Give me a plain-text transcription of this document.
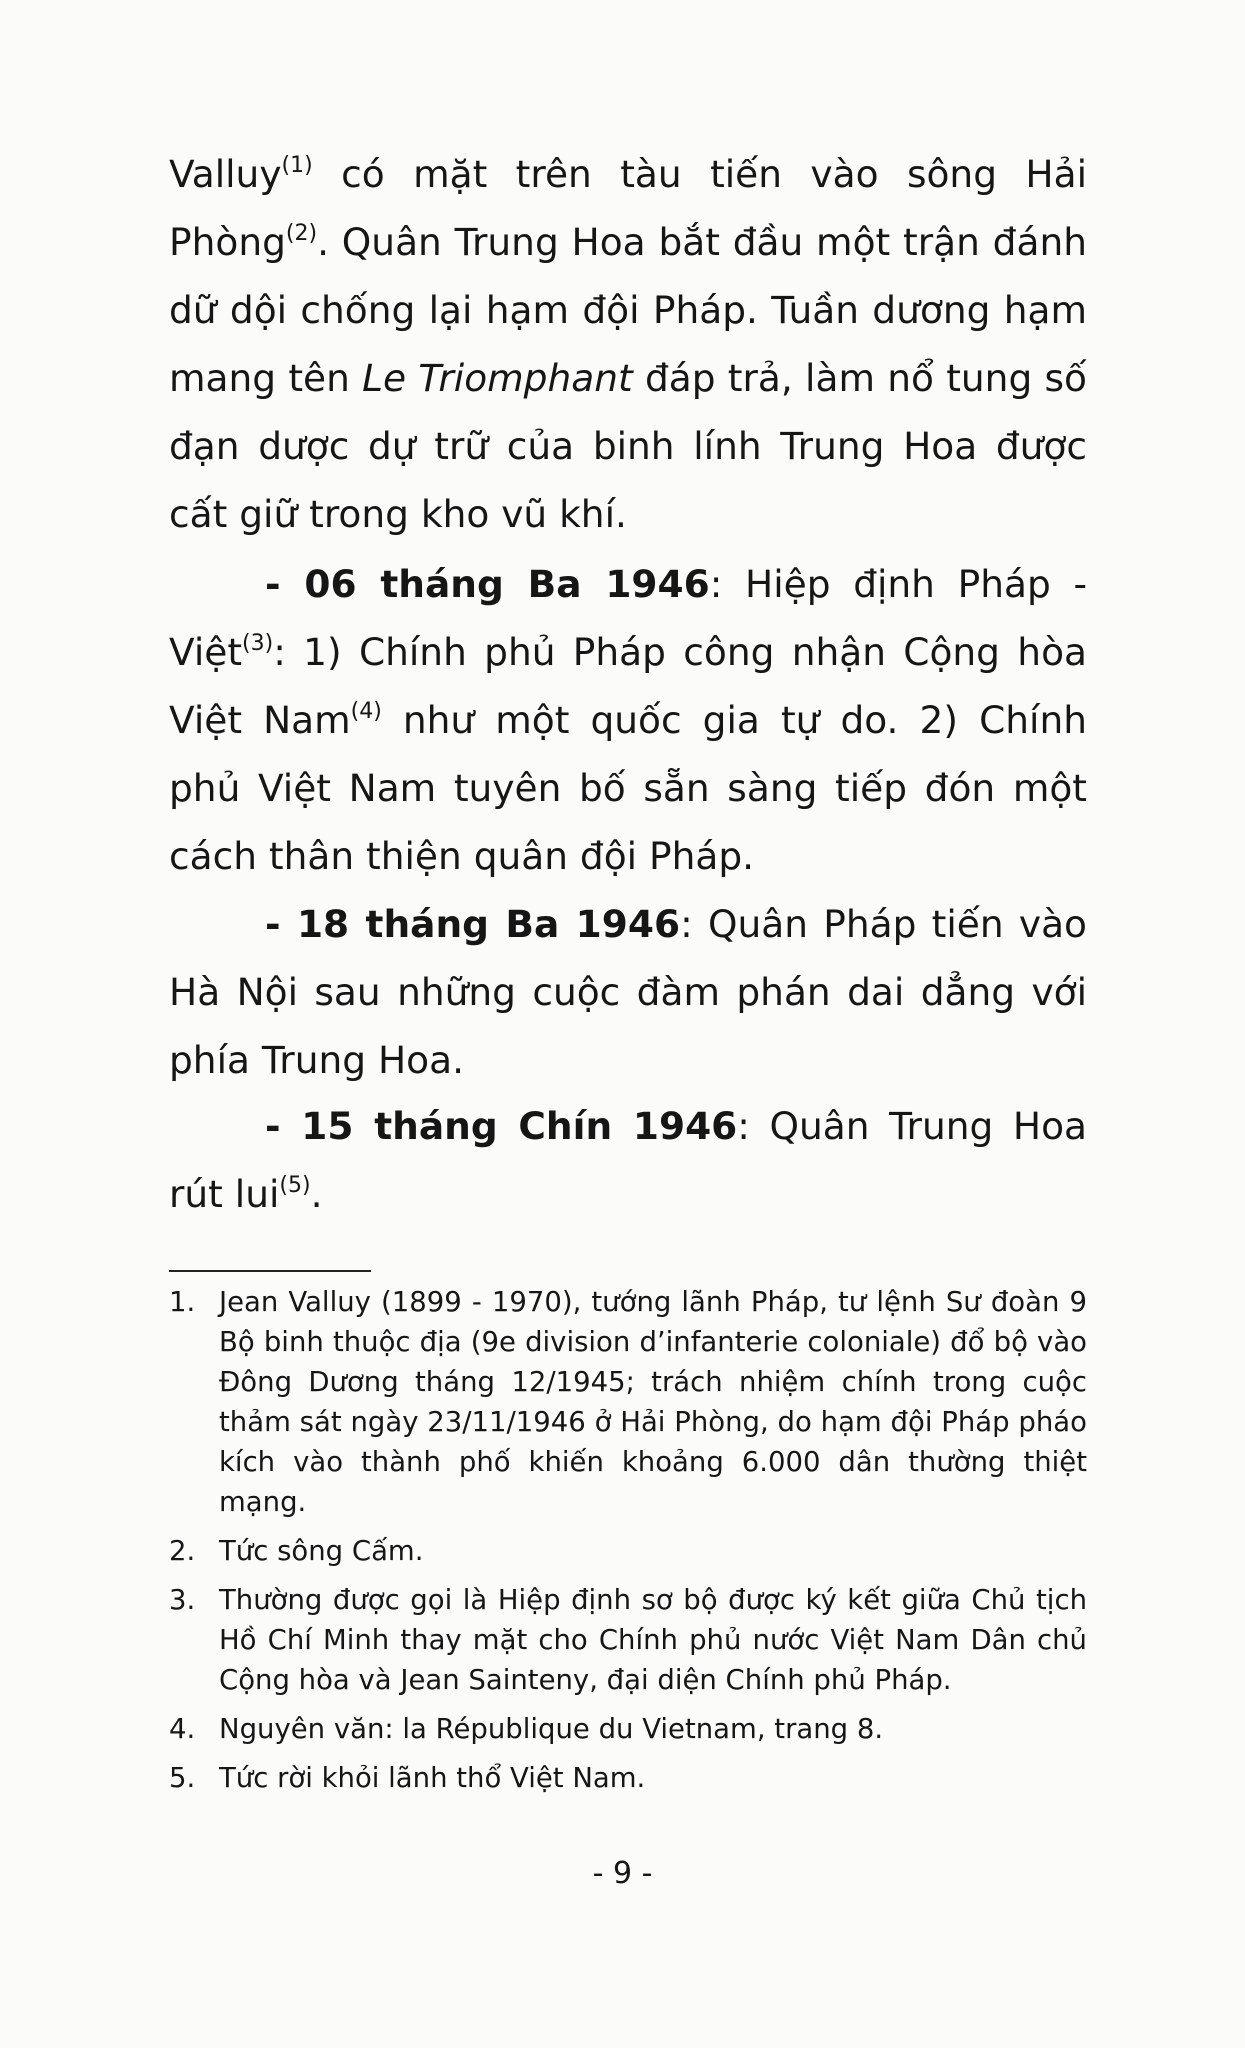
Valluy$^{(1)}$ có mặt trên tàu tiến vào sông Hải Phòng$^{(2)}$. Quân Trung Hoa bắt đầu một trận đánh dữ dội chống lại hạm đội Pháp. Tuần dương hạm mang tên Le Triomphant đáp trả, làm nổ tung số đạn dược dự trữ của binh lính Trung Hoa được cất giữ trong kho vũ khí.

- 06 tháng Ba 1946: Hiệp định Pháp - Việt$^{(3)}$: 1) Chính phủ Pháp công nhận Cộng hòa Việt Nam$^{(4)}$ như một quốc gia tự do. 2) Chính phủ Việt Nam tuyên bố sẵn sàng tiếp đón một cách thân thiện quân đội Pháp.

- 18 tháng Ba 1946: Quân Pháp tiến vào Hà Nội sau những cuộc đàm phán dai dẳng với phía Trung Hoa.

- 15 tháng Chín 1946: Quân Trung Hoa rút lui$^{(5)}$.

1. Jean Valluy (1899 - 1970), tướng lãnh Pháp, tư lệnh Sư đoàn 9 Bộ binh thuộc địa (9e division d’infanterie coloniale) đổ bộ vào Đông Dương tháng 12/1945; trách nhiệm chính trong cuộc thảm sát ngày 23/11/1946 ở Hải Phòng, do hạm đội Pháp pháo kích vào thành phố khiến khoảng 6.000 dân thường thiệt mạng.
2. Tức sông Cấm.
3. Thường được gọi là Hiệp định sơ bộ được ký kết giữa Chủ tịch Hồ Chí Minh thay mặt cho Chính phủ nước Việt Nam Dân chủ Cộng hòa và Jean Sainteny, đại diện Chính phủ Pháp.
4. Nguyên văn: la République du Vietnam, trang 8.
5. Tức rời khỏi lãnh thổ Việt Nam.
- 9 -
